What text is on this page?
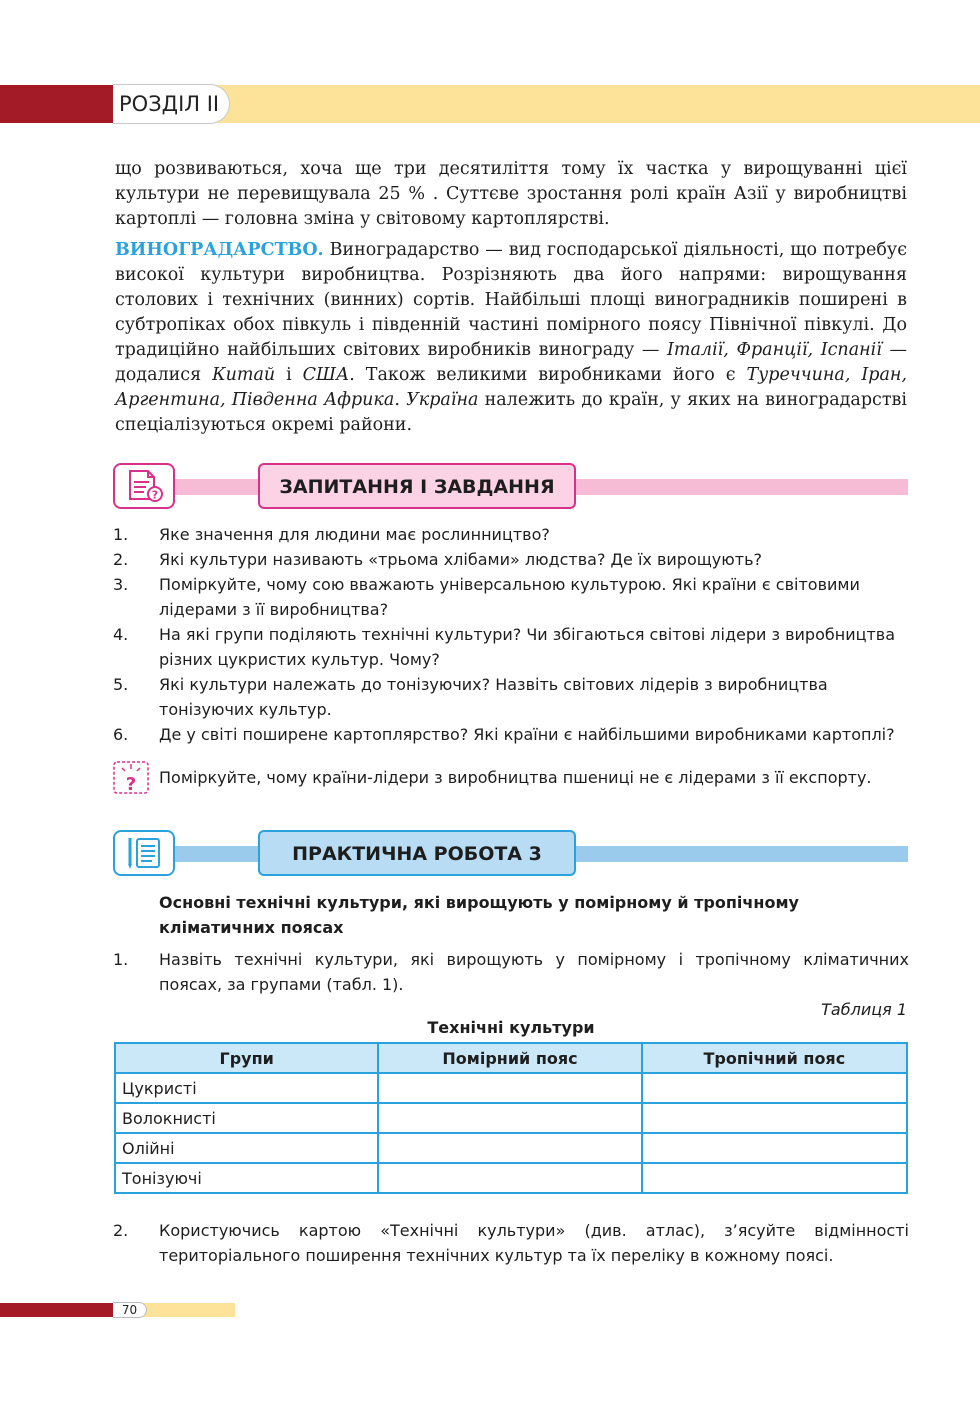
РОЗДІЛ II

що розвиваються, хоча ще три десятиліття тому їх частка у вирощуванні цієї культури не перевищувала 25 % . Суттєве зростання ролі країн Азії у виробництві картоплі — головна зміна у світовому картоплярстві.

ВИНОГРАДАРСТВО. Виноградарство — вид господарської діяльності, що потребує високої культури виробництва. Розрізняють два його напрями: вирощування столових і технічних (винних) сортів. Найбільші площі виноградників поширені в субтропіках обох півкуль і південній частині помірного поясу Північної півкулі. До традиційно найбільших світових виробників винограду — Італії, Франції, Іспанії — додалися Китай і США. Також великими виробниками його є Туреччина, Іран, Аргентина, Південна Африка. Україна належить до країн, у яких на виноградарстві спеціалізуються окремі райони.

?	ЗАПИТАННЯ І ЗАВДАННЯ
1.	Яке значення для людини має рослинництво?
2.	Які культури називають «трьома хлібами» людства? Де їх вирощують?
3.	Поміркуйте, чому сою вважають універсальною культурою. Які країни є світовими лідерами з її виробництва?
4.	На які групи поділяють технічні культури? Чи збігаються світові лідери з виробництва різних цукристих культур. Чому?
5.	Які культури належать до тонізуючих? Назвіть світових лідерів з виробництва тонізуючих культур.
6.	Де у світі поширене картоплярство? Які країни є найбільшими виробниками картоплі?
? Поміркуйте, чому країни-лідери з виробництва пшениці не є лідерами з її експорту.
ПРАКТИЧНА РОБОТА 3
Основні технічні культури, які вирощують у помірному й тропічному кліматичних поясах
1.	Назвіть технічні культури, які вирощують у помірному і тропічному кліматичних поясах, за групами (табл. 1).
Таблиця 1
Технічні культури
Групи	Помірний пояс	Тропічний пояс
Цукристі		
Волокнисті		
Олійні		
Тонізуючі		
2.	Користуючись картою «Технічні культури» (див. атлас), з’ясуйте відмінності територіального поширення технічних культур та їх переліку в кожному поясі.
70
